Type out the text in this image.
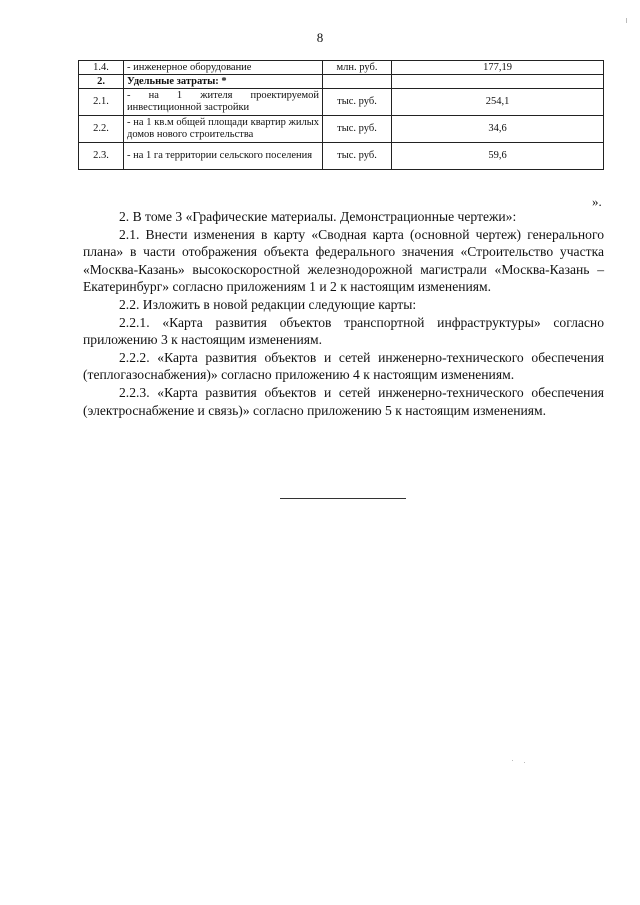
8
1.4.	- инженерное оборудование	млн. руб.	177,19
2.	Удельные затраты: *		
2.1.	- на 1 жителя проектируемой инвестиционной застройки	тыс. руб.	254,1
2.2.	- на 1 кв.м общей площади квартир жилых домов нового строительства	тыс. руб.	34,6
2.3.	- на 1 га территории сельского поселения	тыс. руб.	59,6
».

2. В томе 3 «Графические материалы. Демонстрационные чертежи»:

2.1. Внести изменения в карту «Сводная карта (основной чертеж) генерального плана» в части отображения объекта федерального значения «Строительство участка «Москва-Казань» высокоскоростной железнодорожной магистрали «Москва-Казань – Екатеринбург» согласно приложениям 1 и 2 к настоящим изменениям.

2.2. Изложить в новой редакции следующие карты:

2.2.1. «Карта развития объектов транспортной инфраструктуры» согласно приложению 3 к настоящим изменениям.

2.2.2. «Карта развития объектов и сетей инженерно-технического обеспечения (теплогазоснабжения)» согласно приложению 4 к настоящим изменениям.

2.2.3. «Карта развития объектов и сетей инженерно-технического обеспечения (электроснабжение и связь)» согласно приложению 5 к настоящим изменениям.
